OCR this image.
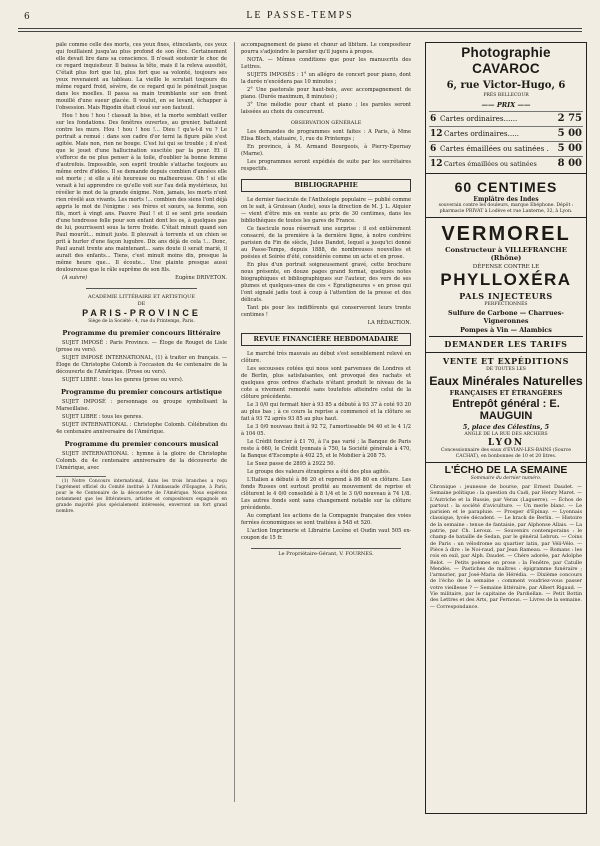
6	LE PASSE-TEMPS

pâle comme celle des morts, ces yeux fixes, étincelants, ces yeux qui fouillaient jusqu'au plus profond de son être. Certainement elle devait lire dans sa conscience. Il n'osait soutenir le choc de ce regard inquisiteur. Il baissa la tête, mais il la releva aussitôt, C'était plus fort que lui, plus fort que sa volonté, toujours ses yeux revenaient au tableau. La vieille le scrutait toujours du même regard froid, sévère, de ce regard qui le pénétrait jusque dans les moelles. Il passa sa main tremblante sur son front mouillé d'une sueur glacée. Il voulut, en se levant, échapper à l'obsession. Mais Rigodin était cloué sur son fauteuil.

Hou ! hou ! hou ! classait la bise, et la morte semblait veiller sur les fondations. Des fenêtres ouvertes, au grenier, battaient contre les murs. Hou ! hou ! hou !... Dieu ! qu'a-t-il vu ? Le portrait a remué : dans son cadre d'or terni la figure pâle s'est agitée. Mais non, rien ne bouge. C'est lui qui se trouble ; il n'est que le jouet d'une hallucination suscitée par la peur. Et il s'efforce de ne plus penser à la toile, d'oublier la bonne femme d'autrefois. Impossible, son esprit trouble s'attache toujours au même ordre d'idées. Il se demande depuis combien d'années elle est morte ; si elle a été heureuse ou malheureuse. Oh ! si elle venait à lui apprendre ce qu'elle voit sur l'au delà mystérieux, lui révéler le mot de la grande énigme. Non, jamais, les morts n'ont rien révélé aux vivants. Les morts !... combien des siens l'ont déjà appris le mot de l'énigme : ses frères et sœurs, sa femme, son fils, mort à vingt ans. Pauvre Paul ! et il se sent pris soudain d'une tendresse folle pour son enfant dont les os, à quelques pas de lui, pourrissent sous la terre froide. C'était minuit quand son Paul mourût... minuit juste. Il pleuvait à torrents et un chien se prit à hurler d'une façon lugubre. Dix ans déjà de cela !... Donc, Paul aurait trente ans maintenant... sans doute il serait marié, il aurait des enfants... Tiens, c'est minuit moins dix, presque la même heure que... Il écoute... Une plainte presque aussi douloureuse que le râle suprême de son fils.

(A suivre)	Eugène DRIVETON.

ACADÉMIE LITTÉRAIRE ET ARTISTIQUE
DE
PARIS-PROVINCE
Siège de la Société : 4, rue du Printemps, Paris.
Programme du premier concours littéraire

SUJET IMPOSÉ : Paris Province. — Éloge de Rouget de Lisle (prose ou vers).

SUJET IMPOSÉ INTERNATIONAL, (1) à traiter en français. — Éloge de Christophe Colomb à l'occasion du 4e centenaire de la découverte de l'Amérique. (Prose ou vers).

SUJET LIBRE : tous les genres (prose ou vers).

Programme du premier concours artistique

SUJET IMPOSÉ : personnage ou groupe symbolisant la Marseillaise.

SUJET LIBRE : tous les genres.

SUJET INTERNATIONAL : Christophe Colomb. Célébration du 4e centenaire anniversaire de l'Amérique.

Programme du premier concours musical

SUJET INTERNATIONAL : hymne à la gloire de Christophe Colomb. du 4e centenaire anniversaire de la découverte de l'Amérique, avec

(1) Notre Concours international, dans les trois branches a reçu l'agrément officiel du Comité institué à l'Ambassade d'Espagne, à Paris, pour le 4e Centenaire de la découverte de l'Amérique. Nous espérons notamment que les littérateurs, artistes et compositeurs espagnols en grande majorité plus spécialement intéressés, enverront un fort grand nombre.

accompagnement de piano et chœur ad libitum. Le compositeur pourra s'adjoindre le parolier qu'il jugera à propos.

NOTA. — Mêmes conditions que pour les manuscrits des Lettres.

SUJETS IMPOSÉS : 1° un allégro de concert pour piano, dont la durée n'excédera pas 10 minutes ;

2° Une pastorale pour haut-bois, avec accompagnement de piano. (Durée maximum, 8 minutes) ;

3° Une mélodie pour chant et piano ; les paroles seront laissées au choix du concurrent.

OBSERVATION GÉNÉRALE

Les demandes de programmes sont faites : A Paris, à Mme Elisa Bloch, statuaire, 1, rue du Printemps ;

En province, à M. Armand Bourgeois, à Pierry-Epernay (Marne).

Les programmes seront expédiés de suite par les secrétaires respectifs.

BIBLIOGRAPHIE

Le dernier fascicule de l'Anthologie populaire — publié comme on le sait, à Gruissan (Aude), sous la direction de M. J. L. Alquier — vient d'être mis en vente au prix de 30 centimes, dans les bibliothèques de toutes les gares de France.

Ce fascicule nous réservait une surprise : il est entièrement consacré, de la première à la dernière ligne, à notre confrère parisien du Fin de siècle, Jules Dandot, lequel a jusqu'ici donné au Passe-Temps, depuis 1888, de nombreuses nouvelles et poésies et Soirée d'été, considérée comme un acte et en prose.

En plus d'un portrait soigneusement gravé, cette brochure nous présente, en douze pages grand format, quelques notes biographiques et bibliographiques sur l'auteur, des vers de ses plumes et quelques-unes de ces « Égratigneures » en prose qui l'ont signalé jadis tout à coup à l'attention de la presse et des délicats.

Tant pis pour les indifférents qui conserveront leurs trente centimes !

LA RÉDACTION.

REVUE FINANCIÈRE HEBDOMADAIRE

Le marché très mauvais au début s'est sensiblement relevé en clôture.

Les secousses cotées qui nous sont parvenues de Londres et de Berlin, plus satisfaisantes, ont provoqué des rachats et quelques gros ordres d'achats n'étant produit le niveau de la cote a vivement remonté sans toutefois atteindre celui de la clôture précédente.

Le 3 0/0 qui fermait hier à 93 85 a débuté à 93 37 à coté 93 20 au plus bas ; à ce cours la reprise a commencé et la clôture se fait à 93 72 après 93 85 au plus haut.

Le 3 0/0 nouveau finit à 92 72, l'amortissable 94 40 et le 4 1/2 à 104 05.

Le Crédit foncier à £1 70, à l'a pas varié ; la Banque de Paris reste à 660, le Crédit lyonnais à 750, la Société générale à 470, la Banque d'Escompte à 402 25, et le Mobilier à 208 75.

Le Suez passe de 2895 à 2922 50.

Le groupe des valeurs étrangères a été des plus agités.

L'Italien a débuté à 86 20 et reprend à 86 80 en clôture. Les fonds Russes ont surtout profité au mouvement de reprise et clôturent le 4 0/0 consolidé à 8 1/4 et le 3 0/0 nouveau à 74 1/8. Les autres fonds sont sans changement notable sur la clôture précédente.

Au comptant les actions de la Compagnie française des voies ferrées économiques se sont traitées à 548 et 520.

L'action Imprimerie et Librairie Lecène et Oudin vaut 505 ex-coupon de 15 fr.

Le Propriétaire-Gérant, V. FOURNES.
Photographie CAVAROC
6, rue Victor-Hugo, 6
PRÈS BELLECOUR
—— PRIX ——
6 Cartes ordinaires......	2 75
12 Cartes ordinaires.....	5 00
6 Cartes émaillées ou satinées . 5 00
12 Cartes émaillées ou satinées	8 00
60 CENTIMES
Emplâtre des Indes
souverain contre les douleurs, marque Ebéphone. Dépôt : pharmacie PRIVAT à Lodève et rue Lanterne, 32, à Lyon.
VERMOREL
Constructeur à VILLEFRANCHE (Rhône)
DÉFENSE CONTRE LE
PHYLLOXÉRA
PALS INJECTEURS
PERFECTIONNÉS
Sulfure de Carbone — Charrues-Vigneronnes
Pompes à Vin — Alambics
DEMANDER LES TARIFS
VENTE ET EXPÉDITIONS
DE TOUTES LES
Eaux Minérales Naturelles
FRANÇAISES ET ÉTRANGÈRES
Entrepôt général : E. MAUGUIN
5, place des Célestins, 5
ANGLE DE LA RUE DES ARCHERS
LYON
Concessionnaire des eaux d'EVIAN-LES-BAINS (Source CACHAT), en bonbonnes de 10 et 20 litres.
L'ÉCHO DE LA SEMAINE
Sommaire du dernier numéro.
Chronique : jeunesse de bourse, par Ernest Daudet. — Semaine politique : la question du Cadi, par Henry Maret. — L'Autriche et la Russie, par Verax (Laguerre). — Échos de partout : la société d'aviculture. — Un merle blanc. — Le parisien et le parapluie. — Prosper d'Epinay. — Lyonnais classique, lycée décadent. — Le krack de Berlin. — Histoire de la semaine : tenue de fantaisie, par Alphonse Allais. — La patrie, par Ch. Leroux. — Souvenirs contemporains : le champ de bataille de Sedan, par le général Lebrun. — Coins de Paris : un vélodrome au quartier latin, par Véli-Vélo. — Pièce à dire : le Noi-raud, par Jean Rameau. — Romans : les rois en exil, par Alph. Daudet. — Chère adorée, par Adolphe Belot. — Petits poèmes en prose : la Fenêtre, par Catulle Mendès. — Pastiches de maîtres : épigramme funéraire ; l'armurier, par José-Maria de Hérédia. — Dixième concours de l'écho de la semaine : comment voudriez-vous passer votre vieillesse ? — Semaine littéraire, par Albert Rigaud. — Vie militaire, par le capitaine de Pardiellan. — Petit Bottin des Lettres et des Arts, par Fernous. — Livres de la semaine. — Correspondance.
